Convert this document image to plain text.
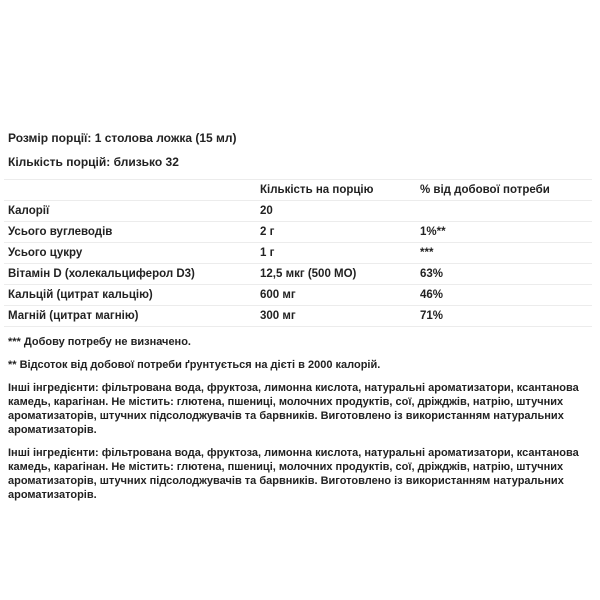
Розмір порції: 1 столова ложка (15 мл)

Кількість порцій: близько 32

	Кількість на порцію	% від добової потреби
Калорії	20	
Усього вуглеводів	2 г	1%**
Усього цукру	1 г	***
Вітамін D (холекальциферол D3)	12,5 мкг (500 МО)	63%
Кальцій (цитрат кальцію)	600 мг	46%
Магній (цитрат магнію)	300 мг	71%

*** Добову потребу не визначено.

** Відсоток від добової потреби ґрунтується на дієті в 2000 калорій.

Інші інгредієнти: фільтрована вода, фруктоза, лимонна кислота, натуральні ароматизатори, ксантанова камедь, карагінан. Не містить: глютена, пшениці, молочних продуктів, сої, дріжджів, натрію, штучних ароматизаторів, штучних підсолоджувачів та барвників. Виготовлено із використанням натуральних ароматизаторів.

Інші інгредієнти: фільтрована вода, фруктоза, лимонна кислота, натуральні ароматизатори, ксантанова камедь, карагінан. Не містить: глютена, пшениці, молочних продуктів, сої, дріжджів, натрію, штучних ароматизаторів, штучних підсолоджувачів та барвників. Виготовлено із використанням натуральних ароматизаторів.
